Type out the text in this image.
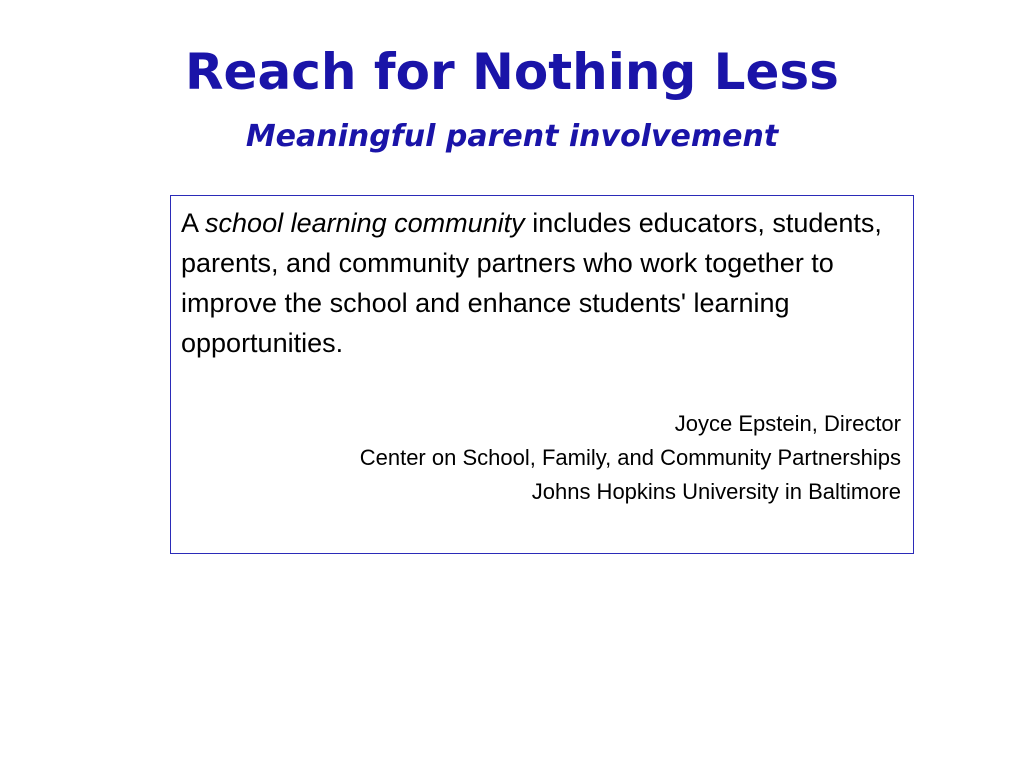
Reach for Nothing Less
Meaningful parent involvement

A school learning community includes educators, students, parents, and community partners who work together to improve the school and enhance students' learning opportunities.

Joyce Epstein, Director
Center on School, Family, and Community Partnerships
Johns Hopkins University in Baltimore
